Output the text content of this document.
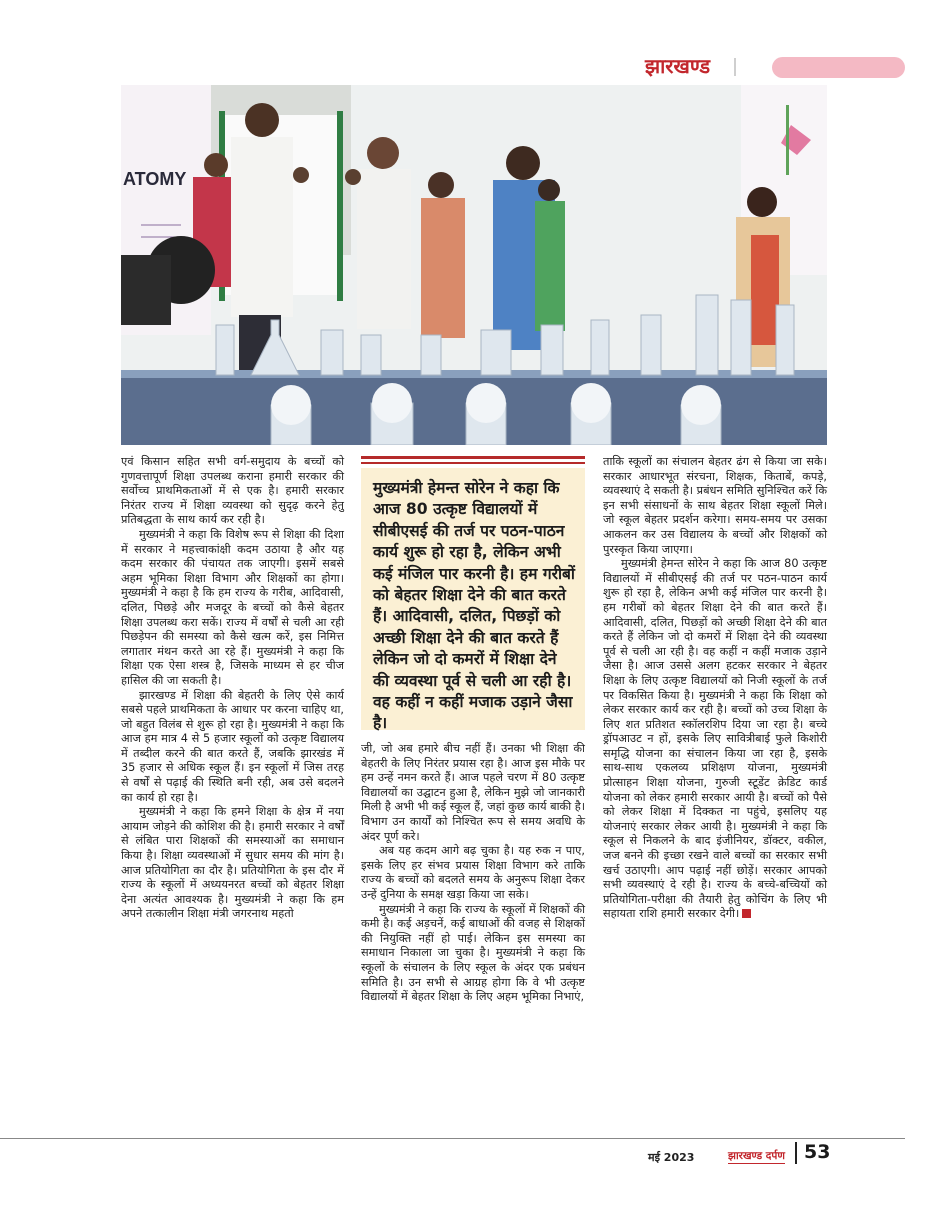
झारखण्ड
ATOMY

एवं किसान सहित सभी वर्ग-समुदाय के बच्चों को गुणवत्तापूर्ण शिक्षा उपलब्ध कराना हमारी सरकार की सर्वोच्च प्राथमिकताओं में से एक है। हमारी सरकार निरंतर राज्य में शिक्षा व्यवस्था को सुदृढ़ करने हेतु प्रतिबद्धता के साथ कार्य कर रही है।

मुख्यमंत्री ने कहा कि विशेष रूप से शिक्षा की दिशा में सरकार ने महत्त्वाकांक्षी कदम उठाया है और यह कदम सरकार की पंचायत तक जाएगी। इसमें सबसे अहम भूमिका शिक्षा विभाग और शिक्षकों का होगा। मुख्यमंत्री ने कहा है कि हम राज्य के गरीब, आदिवासी, दलित, पिछड़े और मजदूर के बच्चों को कैसे बेहतर शिक्षा उपलब्ध करा सकें। राज्य में वर्षों से चली आ रही पिछड़ेपन की समस्या को कैसे खत्म करें, इस निमित्त लगातार मंथन करते आ रहे हैं। मुख्यमंत्री ने कहा कि शिक्षा एक ऐसा शस्त्र है, जिसके माध्यम से हर चीज हासिल की जा सकती है।

झारखण्ड में शिक्षा की बेहतरी के लिए ऐसे कार्य सबसे पहले प्राथमिकता के आधार पर करना चाहिए था, जो बहुत विलंब से शुरू हो रहा है। मुख्यमंत्री ने कहा कि आज हम मात्र 4 से 5 हजार स्कूलों को उत्कृष्ट विद्यालय में तब्दील करने की बात करते हैं, जबकि झारखंड में 35 हजार से अधिक स्कूल हैं। इन स्कूलों में जिस तरह से वर्षों से पढ़ाई की स्थिति बनी रही, अब उसे बदलने का कार्य हो रहा है।

मुख्यमंत्री ने कहा कि हमने शिक्षा के क्षेत्र में नया आयाम जोड़ने की कोशिश की है। हमारी सरकार ने वर्षों से लंबित पारा शिक्षकों की समस्याओं का समाधान किया है। शिक्षा व्यवस्थाओं में सुधार समय की मांग है। आज प्रतियोगिता का दौर है। प्रतियोगिता के इस दौर में राज्य के स्कूलों में अध्ययनरत बच्चों को बेहतर शिक्षा देना अत्यंत आवश्यक है। मुख्यमंत्री ने कहा कि हम अपने तत्कालीन शिक्षा मंत्री जगरनाथ महतो

मुख्यमंत्री हेमन्त सोरेन ने कहा कि आज 80 उत्कृष्ट विद्यालयों में सीबीएसई की तर्ज पर पठन-पाठन कार्य शुरू हो रहा है, लेकिन अभी कई मंजिल पार करनी है। हम गरीबों को बेहतर शिक्षा देने की बात करते हैं। आदिवासी, दलित, पिछड़ों को अच्छी शिक्षा देने की बात करते हैं लेकिन जो दो कमरों में शिक्षा देने की व्यवस्था पूर्व से चली आ रही है। वह कहीं न कहीं मजाक उड़ाने जैसा है।

जी, जो अब हमारे बीच नहीं हैं। उनका भी शिक्षा की बेहतरी के लिए निरंतर प्रयास रहा है। आज इस मौके पर हम उन्हें नमन करते हैं। आज पहले चरण में 80 उत्कृष्ट विद्यालयों का उद्घाटन हुआ है, लेकिन मुझे जो जानकारी मिली है अभी भी कई स्कूल हैं, जहां कुछ कार्य बाकी है। विभाग उन कार्यों को निश्चित रूप से समय अवधि के अंदर पूर्ण करे।

अब यह कदम आगे बढ़ चुका है। यह रुक न पाए, इसके लिए हर संभव प्रयास शिक्षा विभाग करे ताकि राज्य के बच्चों को बदलते समय के अनुरूप शिक्षा देकर उन्हें दुनिया के समक्ष खड़ा किया जा सके।

मुख्यमंत्री ने कहा कि राज्य के स्कूलों में शिक्षकों की कमी है। कई अड़चनें, कई बाधाओं की वजह से शिक्षकों की नियुक्ति नहीं हो पाई। लेकिन इस समस्या का समाधान निकाला जा चुका है। मुख्यमंत्री ने कहा कि स्कूलों के संचालन के लिए स्कूल के अंदर एक प्रबंधन समिति है। उन सभी से आग्रह होगा कि वे भी उत्कृष्ट विद्यालयों में बेहतर शिक्षा के लिए अहम भूमिका निभाएं,

ताकि स्कूलों का संचालन बेहतर ढंग से किया जा सके। सरकार आधारभूत संरचना, शिक्षक, किताबें, कपड़े, व्यवस्थाएं दे सकती है। प्रबंधन समिति सुनिश्चित करें कि इन सभी संसाधनों के साथ बेहतर शिक्षा स्कूलों मिले। जो स्कूल बेहतर प्रदर्शन करेगा। समय-समय पर उसका आकलन कर उस विद्यालय के बच्चों और शिक्षकों को पुरस्कृत किया जाएगा।

मुख्यमंत्री हेमन्त सोरेन ने कहा कि आज 80 उत्कृष्ट विद्यालयों में सीबीएसई की तर्ज पर पठन-पाठन कार्य शुरू हो रहा है, लेकिन अभी कई मंजिल पार करनी है। हम गरीबों को बेहतर शिक्षा देने की बात करते हैं। आदिवासी, दलित, पिछड़ों को अच्छी शिक्षा देने की बात करते हैं लेकिन जो दो कमरों में शिक्षा देने की व्यवस्था पूर्व से चली आ रही है। वह कहीं न कहीं मजाक उड़ाने जैसा है। आज उससे अलग हटकर सरकार ने बेहतर शिक्षा के लिए उत्कृष्ट विद्यालयों को निजी स्कूलों के तर्ज पर विकसित किया है। मुख्यमंत्री ने कहा कि शिक्षा को लेकर सरकार कार्य कर रही है। बच्चों को उच्च शिक्षा के लिए शत प्रतिशत स्कॉलरशिप दिया जा रहा है। बच्चे ड्रॉपआउट न हों, इसके लिए सावित्रीबाई फुले किशोरी समृद्धि योजना का संचालन किया जा रहा है, इसके साथ-साथ एकलव्य प्रशिक्षण योजना, मुख्यमंत्री प्रोत्साहन शिक्षा योजना, गुरुजी स्टूडेंट क्रेडिट कार्ड योजना को लेकर हमारी सरकार आयी है। बच्चों को पैसे को लेकर शिक्षा में दिक्कत ना पहुंचे, इसलिए यह योजनाएं सरकार लेकर आयी है। मुख्यमंत्री ने कहा कि स्कूल से निकलने के बाद इंजीनियर, डॉक्टर, वकील, जज बनने की इच्छा रखने वाले बच्चों का सरकार सभी खर्च उठाएगी। आप पढ़ाई नहीं छोड़ें। सरकार आपको सभी व्यवस्थाएं दे रही है। राज्य के बच्चे-बच्चियों को प्रतियोगिता-परीक्षा की तैयारी हेतु कोचिंग के लिए भी सहायता राशि हमारी सरकार देगी।

मई 2023	झारखण्ड दर्पण 53
